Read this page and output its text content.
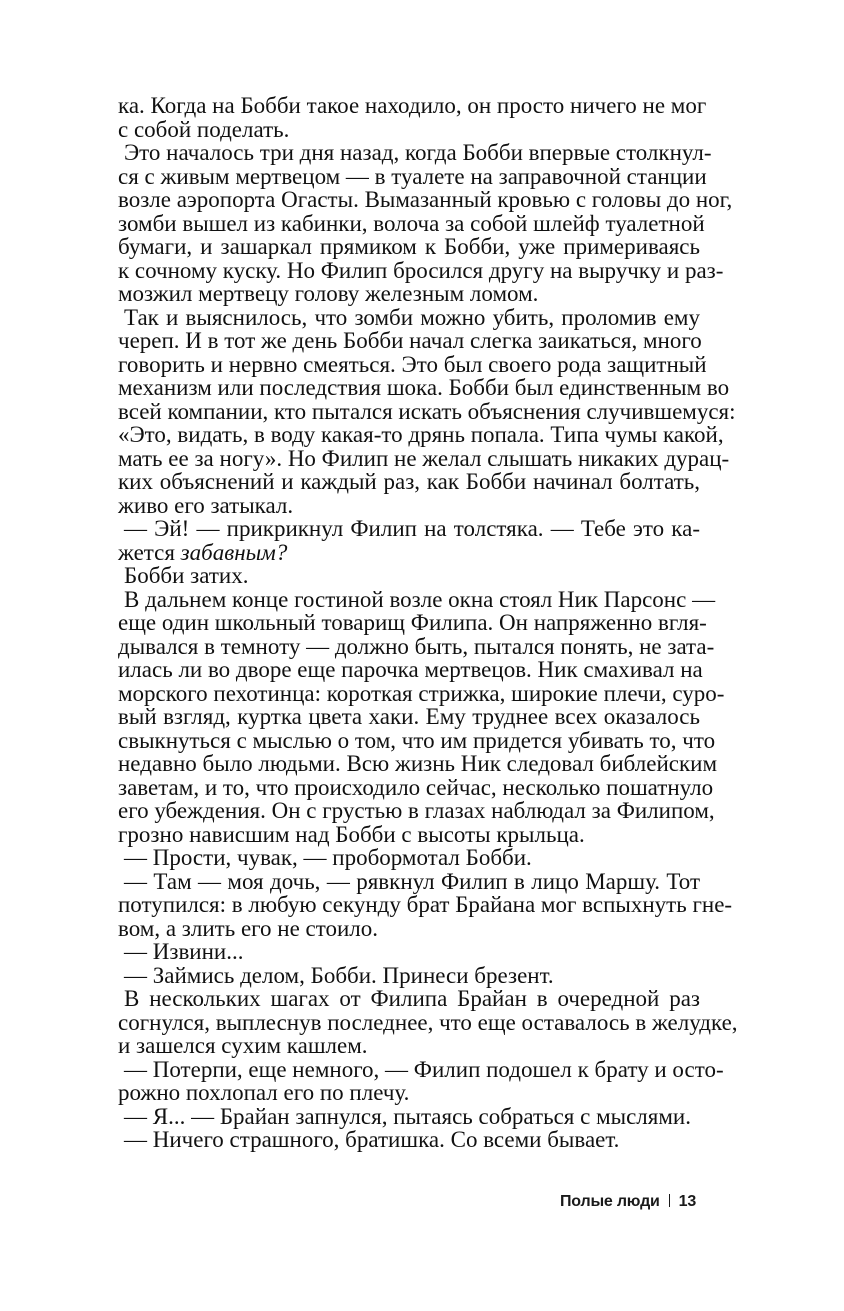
ка. Когда на Бобби такое находило, он просто ничего не мог
с собой поделать.
Это началось три дня назад, когда Бобби впервые столкнул-
ся с живым мертвецом — в туалете на заправочной станции
возле аэропорта Огасты. Вымазанный кровью с головы до ног,
зомби вышел из кабинки, волоча за собой шлейф туалетной
бумаги, и зашаркал прямиком к Бобби, уже примериваясь
к сочному куску. Но Филип бросился другу на выручку и раз-
мозжил мертвецу голову железным ломом.
Так и выяснилось, что зомби можно убить, проломив ему
череп. И в тот же день Бобби начал слегка заикаться, много
говорить и нервно смеяться. Это был своего рода защитный
механизм или последствия шока. Бобби был единственным во
всей компании, кто пытался искать объяснения случившемуся:
«Это, видать, в воду какая-то дрянь попала. Типа чумы какой,
мать ее за ногу». Но Филип не желал слышать никаких дурац-
ких объяснений и каждый раз, как Бобби начинал болтать,
живо его затыкал.
— Эй! — прикрикнул Филип на толстяка. — Тебе это ка-
жется забавным?
Бобби затих.
В дальнем конце гостиной возле окна стоял Ник Парсонс —
еще один школьный товарищ Филипа. Он напряженно вгля-
дывался в темноту — должно быть, пытался понять, не зата-
илась ли во дворе еще парочка мертвецов. Ник смахивал на
морского пехотинца: короткая стрижка, широкие плечи, суро-
вый взгляд, куртка цвета хаки. Ему труднее всех оказалось
свыкнуться с мыслью о том, что им придется убивать то, что
недавно было людьми. Всю жизнь Ник следовал библейским
заветам, и то, что происходило сейчас, несколько пошатнуло
его убеждения. Он с грустью в глазах наблюдал за Филипом,
грозно нависшим над Бобби с высоты крыльца.
— Прости, чувак, — пробормотал Бобби.
— Там — моя дочь, — рявкнул Филип в лицо Маршу. Тот
потупился: в любую секунду брат Брайана мог вспыхнуть гне-
вом, а злить его не стоило.
— Извини...
— Займись делом, Бобби. Принеси брезент.
В нескольких шагах от Филипа Брайан в очередной раз
согнулся, выплеснув последнее, что еще оставалось в желудке,
и зашелся сухим кашлем.
— Потерпи, еще немного, — Филип подошел к брату и осто-
рожно похлопал его по плечу.
— Я... — Брайан запнулся, пытаясь собраться с мыслями.
— Ничего страшного, братишка. Со всеми бывает.
Полые люди 13
